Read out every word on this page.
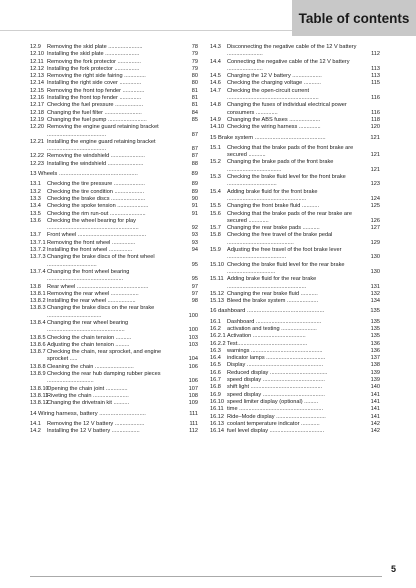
Table of contents
12.9 Removing the skid plate ......................	78
12.10 Installing the skid plate ......................	79
12.11 Removing the fork protector ...............	79
12.12 Installing the fork protector ................	79
12.13 Removing the right side fairing ..............	80
12.14 Installing the right side cover ..............	80
12.15 Removing the front top fender ..............	81
12.16 Installing the front top fender ..............	81
12.17 Checking the fuel pressure ..................	81
12.18 Changing the fuel filter ........................	84
12.19 Changing the fuel pump .........................	85
12.20 Removing the engine guard retaining bracket ......................................	87
12.21 Installing the engine guard retaining bracket ......................................	87
12.22 Removing the windshield ......................	87
12.23 Installing the windshield .......................	88
13 Wheels .................................................	89
13.1 Checking the tire pressure ....................	89
13.2 Checking the tire condition ...................	89
13.3 Checking the brake discs ......................	90
13.4 Checking the spoke tension ....................	91
13.5 Checking the rim run-out .......................	91
13.6 Checking the wheel bearing for play ...........................................................	92
13.7 Front wheel ............................................	93
13.7.1 Removing the front wheel ...............	93
13.7.2 Installing the front wheel ...............	94
13.7.3 Changing the brake discs of the front wheel ................................	95
13.7.4 Changing the front wheel bearing .................................................	95
13.8 Rear wheel ..............................................	97
13.8.1 Removing the rear wheel ..................	97
13.8.2 Installing the rear wheel ..................	98
13.8.3 Changing the brake discs on the rear brake ...................................	100
13.8.4 Changing the rear wheel bearing ..................................................	100
13.8.5 Checking the chain tension ..........	103
13.8.6 Adjusting the chain tension .........	103
13.8.7 Checking the chain, rear sprocket, and engine sprocket .....	104
13.8.8 Cleaning the chain .........................	106
13.8.9 Checking the rear hub damping rubber pieces ..............................	106
13.8.10
Opening the chain joint ..............	107
13.8.11
Riveting the chain .......................	108
13.8.12
Changing the drivetrain kit ..........	109
14 Wiring harness, battery .............................	111
14.1 Removing the 12 V battery ...................	111
14.2 Installing the 12 V battery ..................	112
14.3 Disconnecting the negative cable of the 12 V battery .......................	112
14.4 Connecting the negative cable of the 12 V battery .......................	113
14.5 Charging the 12 V battery ...................	113
14.6 Checking the charging voltage ...........	115
14.7 Checking the open-circuit current ...........................................................	116
14.8 Changing the fuses of individual electrical power consumers ..............	116
14.9 Changing the ABS fuses ....................	118
14.10 Checking the wiring harness ..............	120
15 Brake system ............................................	121
15.1 Checking that the brake pads of the front brake are secured ...........	121
15.2 Changing the brake pads of the front brake ...................................	121
15.3 Checking the brake fluid level for the front brake ................................	123
15.4 Adding brake fluid for the front brake ...................................................	124
15.5 Changing the front brake fluid ...........	125
15.6 Checking that the brake pads of the rear brake are secured .............	126
15.7 Changing the rear brake pads ...........	127
15.8 Checking the free travel of the brake pedal ...........................................	129
15.9 Adjusting the free travel of the foot brake lever ......................................	130
15.10 Checking the brake fluid level for the rear brake ...............................	130
15.11 Adding brake fluid for the rear brake ...................................................	131
15.12 Changing the rear brake fluid ...........	132
15.13 Bleed the brake system ....................	134
16 dashboard ................................................	135
16.1 Dashboard ..........................................	135
16.2 activation and testing .......................	135
16.2.1 Activation ..................................	135
16.2.2 Test.............................................	136
16.3 warnings ..............................................	136
16.4 indicator lamps ......................................	137
16.5 Display .................................................	138
16.6 Reduced display .....................................	139
16.7 speed display ........................................	139
16.8 shift light ..............................................	140
16.9 speed display ........................................	141
16.10 speed limiter display (optional) .........	141
16.11 time ......................................................	141
16.12 Ride–Mode display ................................	141
16.13 coolant temperature indicator ............	142
16.14 fuel level display ...................................	142
5
